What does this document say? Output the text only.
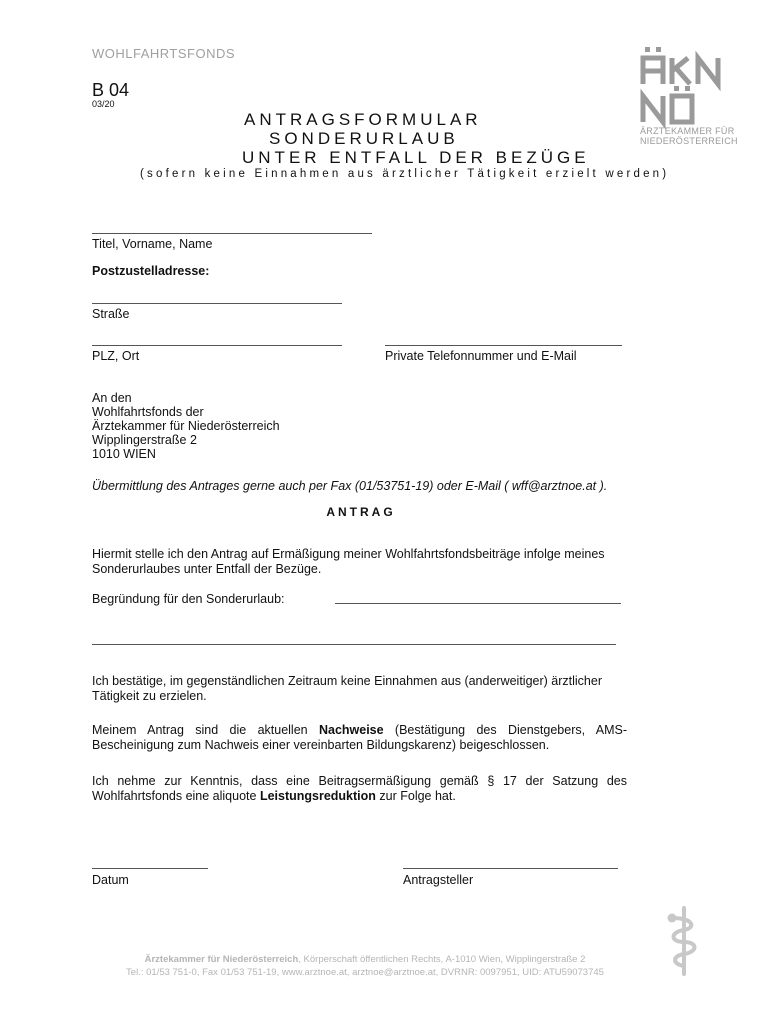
WOHLFAHRTSFONDS
B 04
03/20
ANTRAGSFORMULAR
SONDERURLAUB
UNTER ENTFALL DER BEZÜGE
(sofern keine Einnahmen aus ärztlicher Tätigkeit erzielt werden)
ÄRZTEKAMMER FÜR
NIEDERÖSTERREICH
Titel, Vorname, Name
Postzustelladresse:
Straße
PLZ, Ort	Private Telefonnummer und E-Mail
An den
Wohlfahrtsfonds der
Ärztekammer für Niederösterreich
Wipplingerstraße 2
1010 WIEN
Übermittlung des Antrages gerne auch per Fax (01/53751-19) oder E-Mail ( wff@arztnoe.at ).
ANTRAG
Hiermit stelle ich den Antrag auf Ermäßigung meiner Wohlfahrtsfondsbeiträge infolge meines Sonderurlaubes unter Entfall der Bezüge.
Begründung für den Sonderurlaub:
Ich bestätige, im gegenständlichen Zeitraum keine Einnahmen aus (anderweitiger) ärztlicher Tätigkeit zu erzielen.
Meinem Antrag sind die aktuellen Nachweise (Bestätigung des Dienstgebers, AMS-Bescheinigung zum Nachweis einer vereinbarten Bildungskarenz) beigeschlossen.
Ich nehme zur Kenntnis, dass eine Beitragsermäßigung gemäß § 17 der Satzung des Wohlfahrtsfonds eine aliquote Leistungsreduktion zur Folge hat.
Datum	Antragsteller
Ärztekammer für Niederösterreich, Körperschaft öffentlichen Rechts, A-1010 Wien, Wipplingerstraße 2
Tel.: 01/53 751-0, Fax 01/53 751-19, www.arztnoe.at, arztnoe@arztnoe.at, DVRNR: 0097951, UID: ATU59073745
